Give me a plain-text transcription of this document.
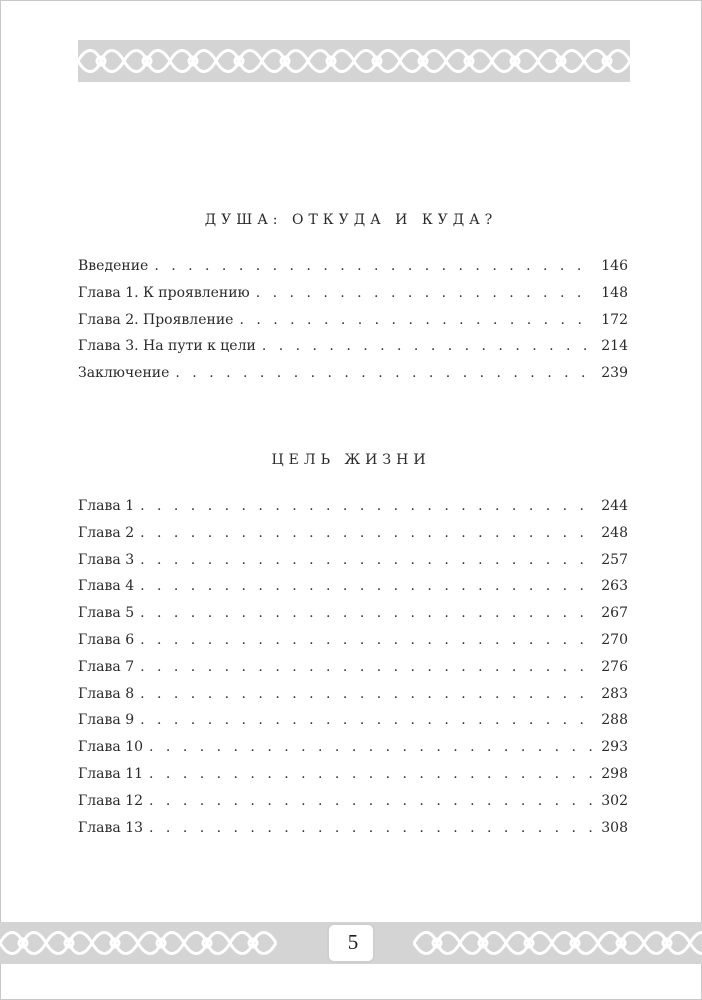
ДУША: ОТКУДА И КУДА?
Введение . . .	146
Глава 1. К проявлению . . .	148
Глава 2. Проявление . . .	172
Глава 3. На пути к цели . . .	214
Заключение . . .	239
ЦЕЛЬ ЖИЗНИ
Глава 1 . . .	244
Глава 2 . . .	248
Глава 3 . . .	257
Глава 4 . . .	263
Глава 5 . . .	267
Глава 6 . . .	270
Глава 7 . . .	276
Глава 8 . . .	283
Глава 9 . . .	288
Глава 10 . . .	293
Глава 11 . . .	298
Глава 12 . . .	302
Глава 13 . . .	308
5
